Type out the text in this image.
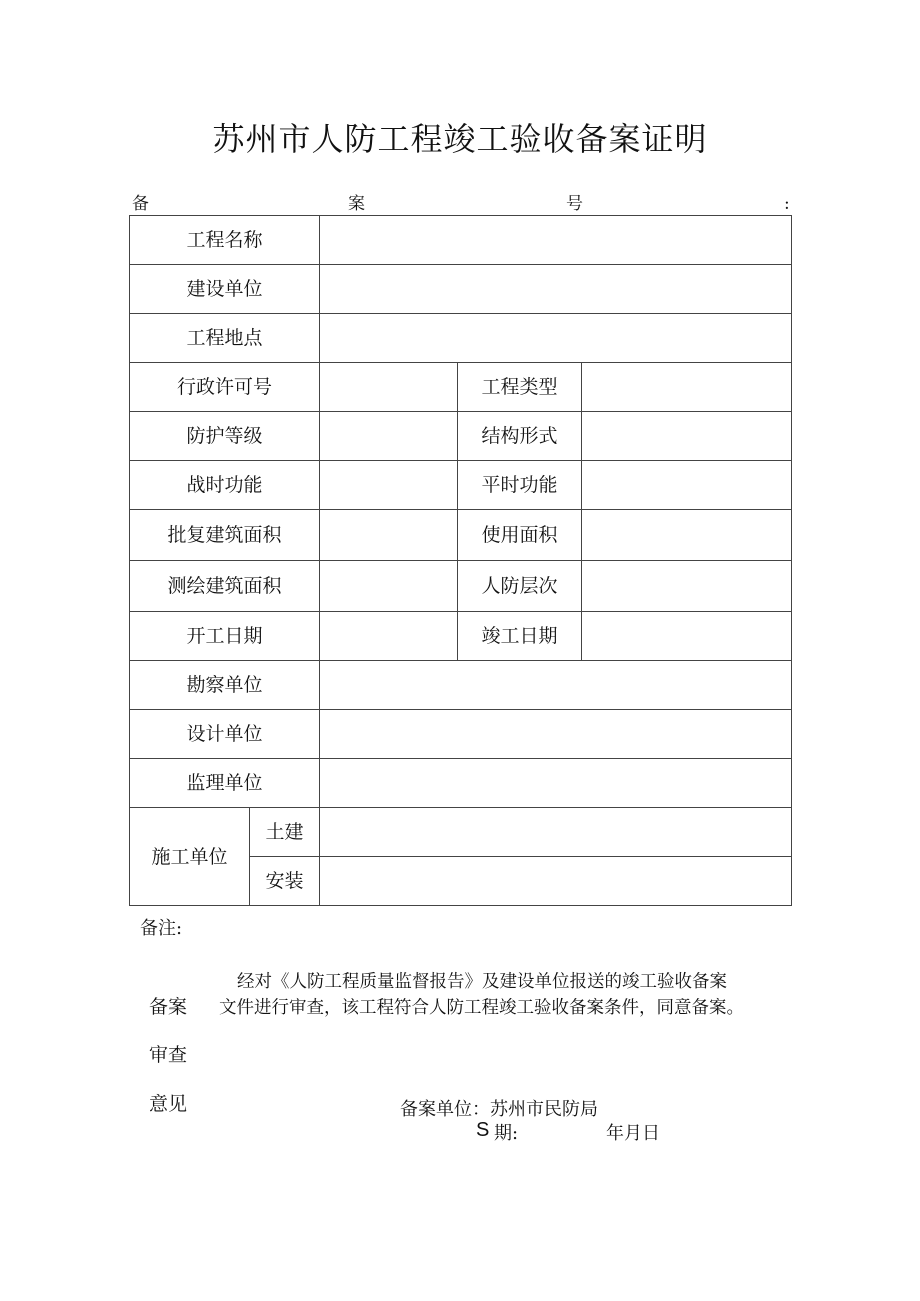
苏州市人防工程竣工验收备案证明
备	案	号	:
工程名称				
建设单位				
工程地点				
行政许可号			工程类型	
防护等级			结构形式	
战时功能			平时功能	
批复建筑面积			使用面积	
测绘建筑面积			人防层次	
开工日期			竣工日期	
勘察单位				
设计单位				
监理单位				
施工单位	土建			
	安装			
备注:
备案
审查
意见
经对《人防工程质量监督报告》及建设单位报送的竣工验收备案
文件进行审查，该工程符合人防工程竣工验收备案条件，同意备案。
备案单位：苏州市民防局
S 期:	年月日
